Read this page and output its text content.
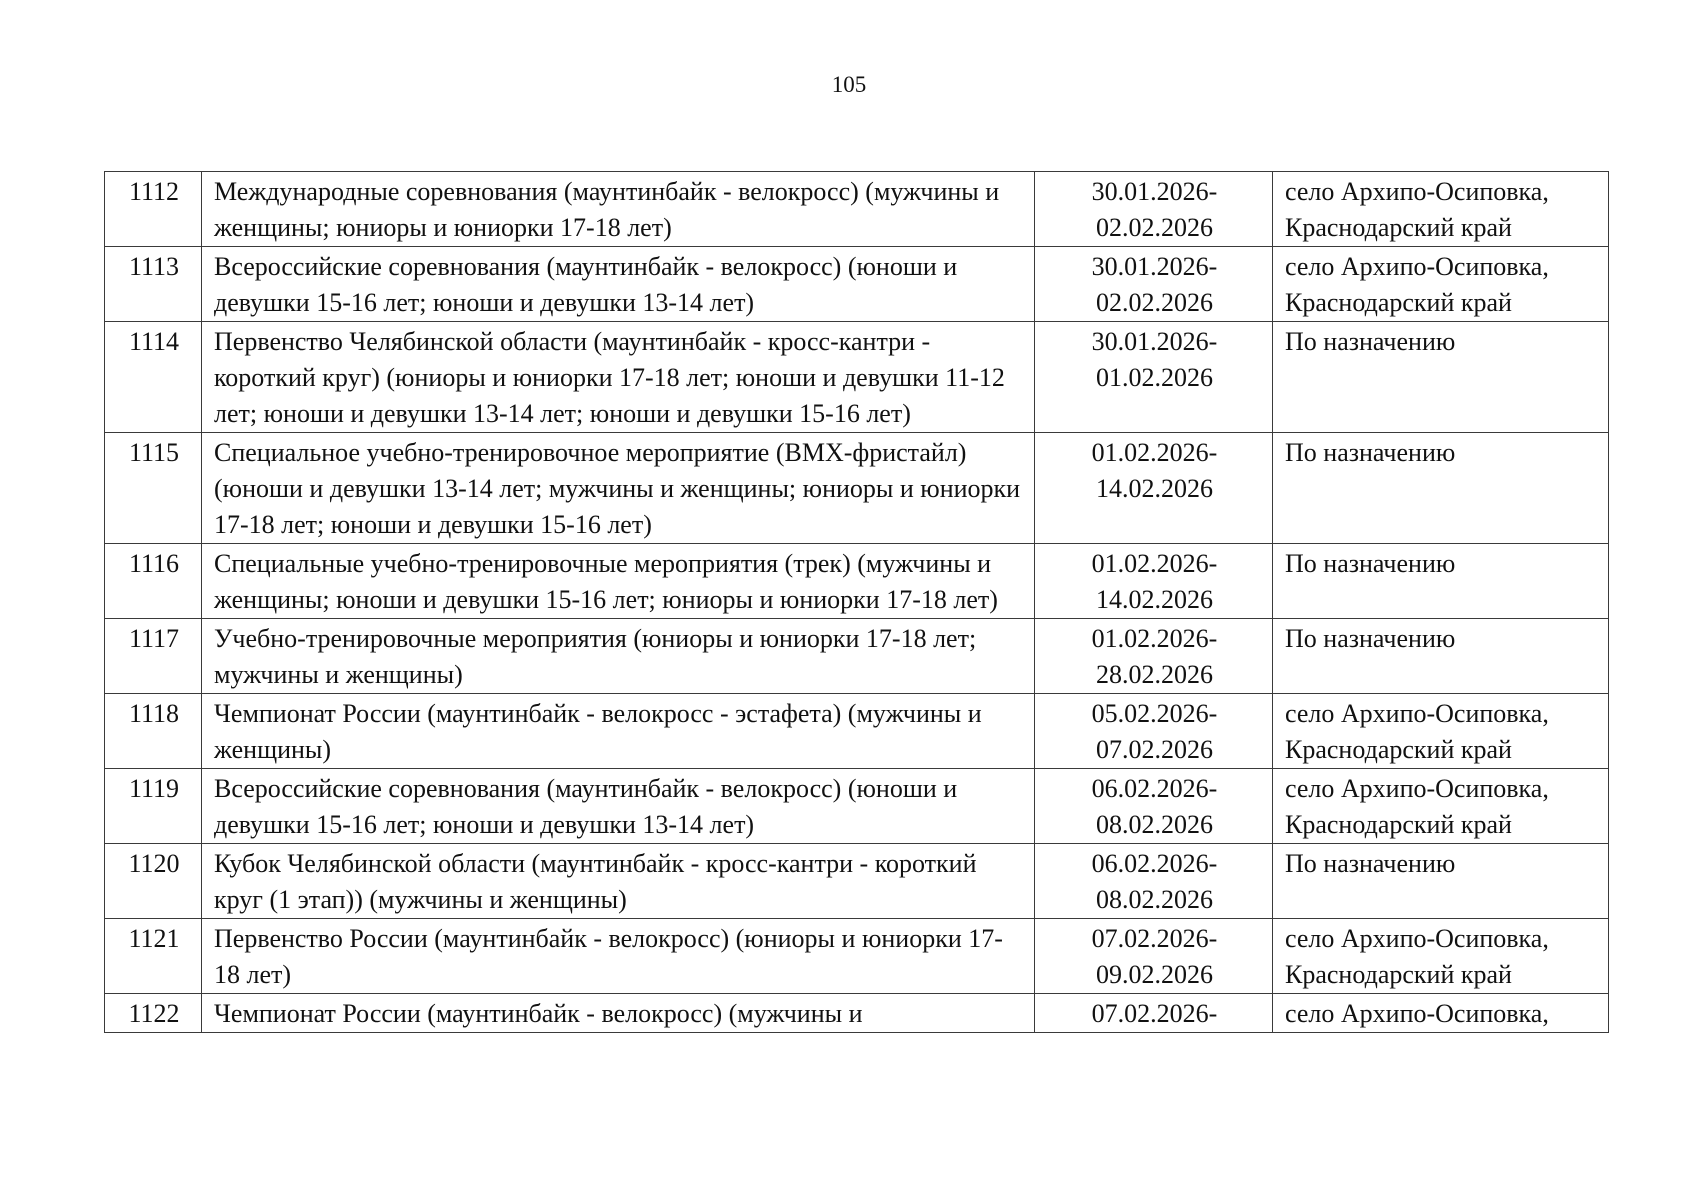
105
1112	Международные соревнования (маунтинбайк - велокросс) (мужчины и женщины; юниоры и юниорки 17-18 лет)	30.01.2026-02.02.2026	село Архипо-Осиповка, Краснодарский край
1113	Всероссийские соревнования (маунтинбайк - велокросс) (юноши и девушки 15-16 лет; юноши и девушки 13-14 лет)	30.01.2026-02.02.2026	село Архипо-Осиповка, Краснодарский край
1114	Первенство Челябинской области (маунтинбайк - кросс-кантри - короткий круг) (юниоры и юниорки 17-18 лет; юноши и девушки 11-12 лет; юноши и девушки 13-14 лет; юноши и девушки 15-16 лет)	30.01.2026-01.02.2026	По назначению
1115	Специальное учебно-тренировочное мероприятие (BMX-фристайл) (юноши и девушки 13-14 лет; мужчины и женщины; юниоры и юниорки 17-18 лет; юноши и девушки 15-16 лет)	01.02.2026-14.02.2026	По назначению
1116	Специальные учебно-тренировочные мероприятия (трек) (мужчины и женщины; юноши и девушки 15-16 лет; юниоры и юниорки 17-18 лет)	01.02.2026-14.02.2026	По назначению
1117	Учебно-тренировочные мероприятия (юниоры и юниорки 17-18 лет; мужчины и женщины)	01.02.2026-28.02.2026	По назначению
1118	Чемпионат России (маунтинбайк - велокросс - эстафета) (мужчины и женщины)	05.02.2026-07.02.2026	село Архипо-Осиповка, Краснодарский край
1119	Всероссийские соревнования (маунтинбайк - велокросс) (юноши и девушки 15-16 лет; юноши и девушки 13-14 лет)	06.02.2026-08.02.2026	село Архипо-Осиповка, Краснодарский край
1120	Кубок Челябинской области (маунтинбайк - кросс-кантри - короткий круг (1 этап)) (мужчины и женщины)	06.02.2026-08.02.2026	По назначению
1121	Первенство России (маунтинбайк - велокросс) (юниоры и юниорки 17-18 лет)	07.02.2026-09.02.2026	село Архипо-Осиповка, Краснодарский край
1122	Чемпионат России (маунтинбайк - велокросс) (мужчины и	07.02.2026-	село Архипо-Осиповка,
